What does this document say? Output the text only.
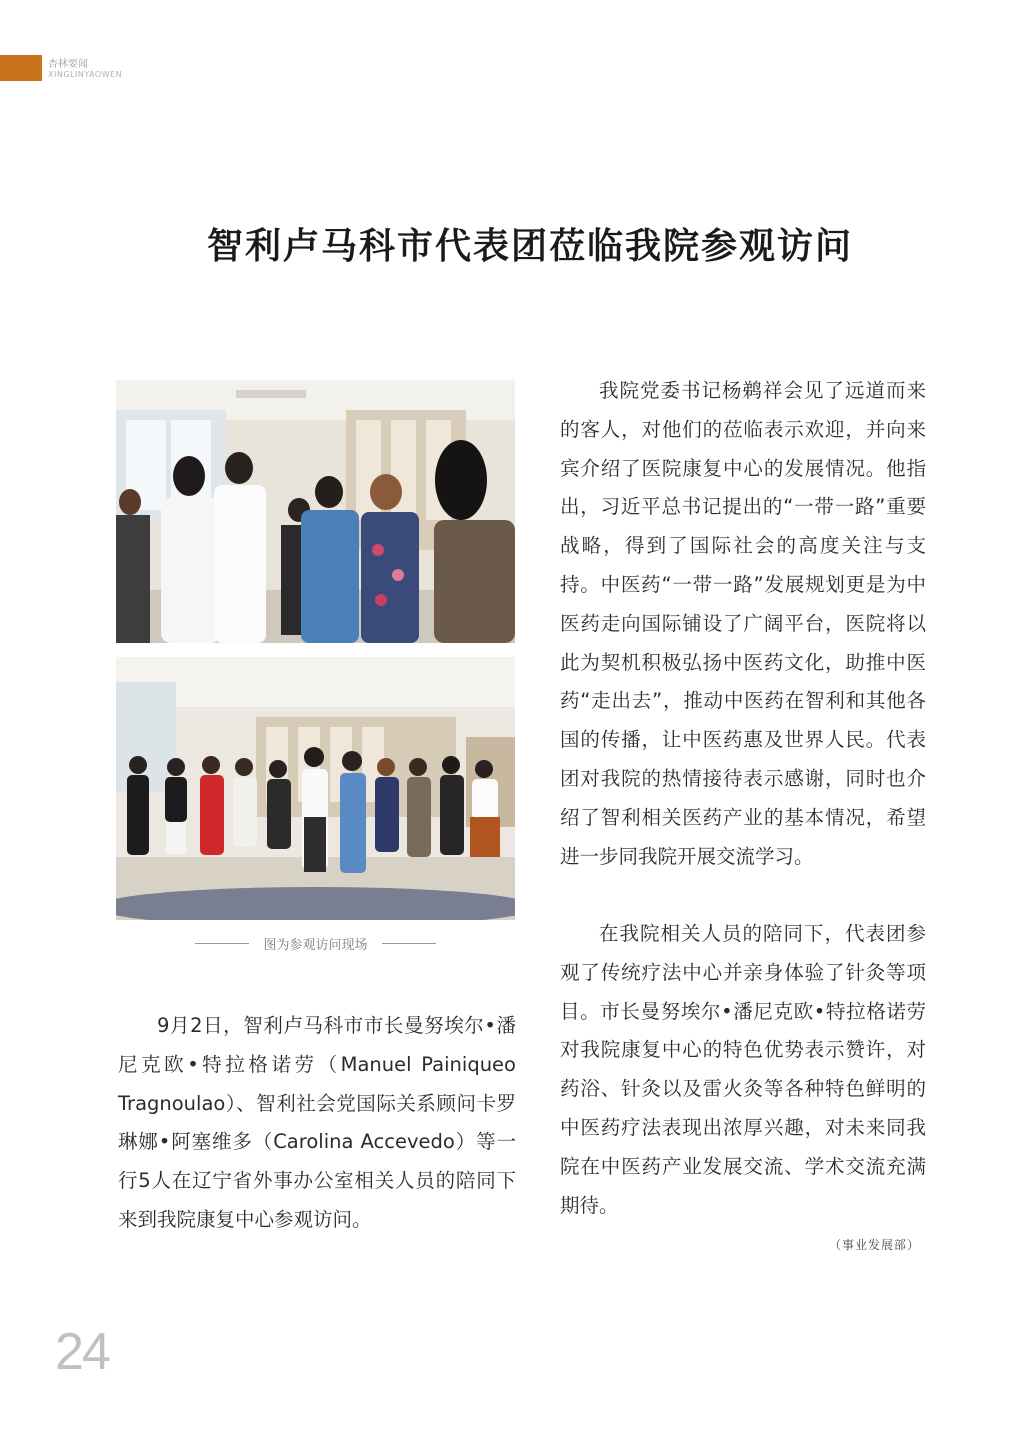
杏林要闻
XINGLINYAOWEN
智利卢马科市代表团莅临我院参观访问
图为参观访问现场

9月2日，智利卢马科市市长曼努埃尔•潘尼克欧•特拉格诺劳（Manuel Painiqueo Tragnoulao）、智利社会党国际关系顾问卡罗琳娜•阿塞维多（Carolina Accevedo）等一行5人在辽宁省外事办公室相关人员的陪同下来到我院康复中心参观访问。

我院党委书记杨鹈祥会见了远道而来的客人，对他们的莅临表示欢迎，并向来宾介绍了医院康复中心的发展情况。他指出，习近平总书记提出的“一带一路”重要战略，得到了国际社会的高度关注与支持。中医药“一带一路”发展规划更是为中医药走向国际铺设了广阔平台，医院将以此为契机积极弘扬中医药文化，助推中医药“走出去”，推动中医药在智利和其他各国的传播，让中医药惠及世界人民。代表团对我院的热情接待表示感谢，同时也介绍了智利相关医药产业的基本情况，希望进一步同我院开展交流学习。

在我院相关人员的陪同下，代表团参观了传统疗法中心并亲身体验了针灸等项目。市长曼努埃尔•潘尼克欧•特拉格诺劳对我院康复中心的特色优势表示赞许，对药浴、针灸以及雷火灸等各种特色鲜明的中医药疗法表现出浓厚兴趣，对未来同我院在中医药产业发展交流、学术交流充满期待。

（事业发展部）
24
